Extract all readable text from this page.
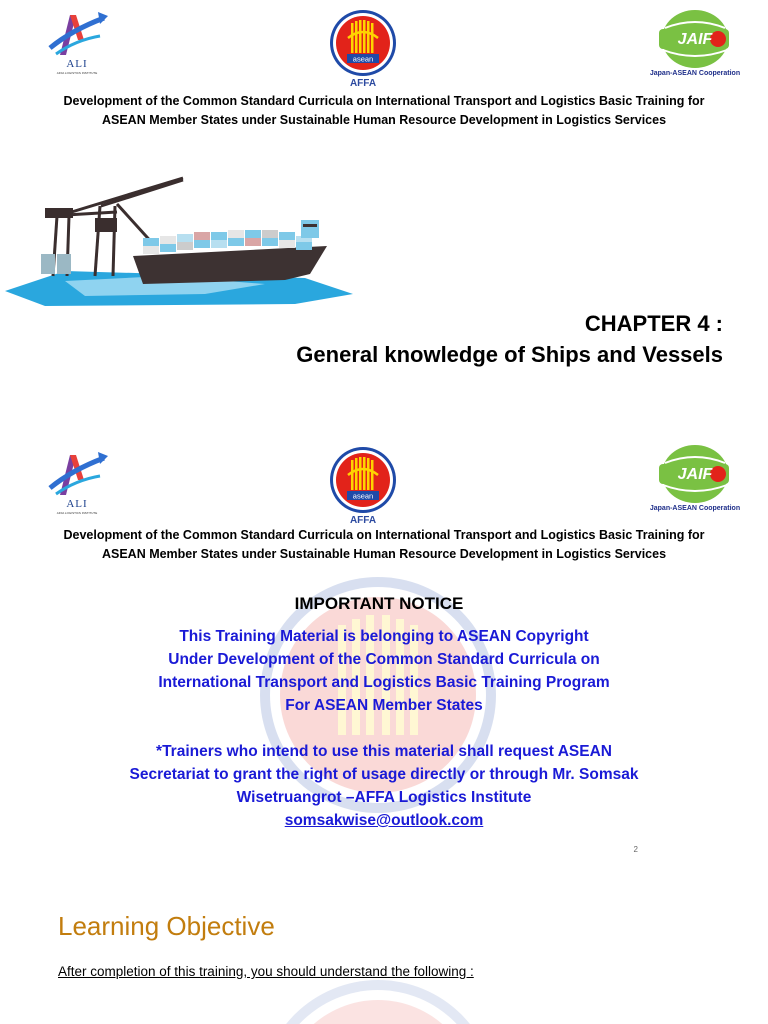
ALI
AFFA LOGISTICS INSTITUTE
asean
AFFA
JAIF
Japan-ASEAN Cooperation
Development of the Common Standard Curricula on International Transport and Logistics Basic Training for
ASEAN Member States under Sustainable Human Resource Development in Logistics Services
CHAPTER 4 :
General knowledge of Ships and Vessels
ALI
AFFA LOGISTICS INSTITUTE
asean
AFFA
JAIF
Japan-ASEAN Cooperation
Development of the Common Standard Curricula on International Transport and Logistics Basic Training for
ASEAN Member States under Sustainable Human Resource Development in Logistics Services
IMPORTANT NOTICE
This Training Material is belonging to ASEAN Copyright
Under Development of the Common Standard Curricula on
International Transport and Logistics Basic Training Program
For ASEAN Member States
*Trainers who intend to use this material shall request ASEAN
Secretariat to grant the right of usage directly or through Mr. Somsak
Wisetruangrot –AFFA Logistics Institute
somsakwise@outlook.com
2
Learning Objective
After completion of this training, you should understand the following :
